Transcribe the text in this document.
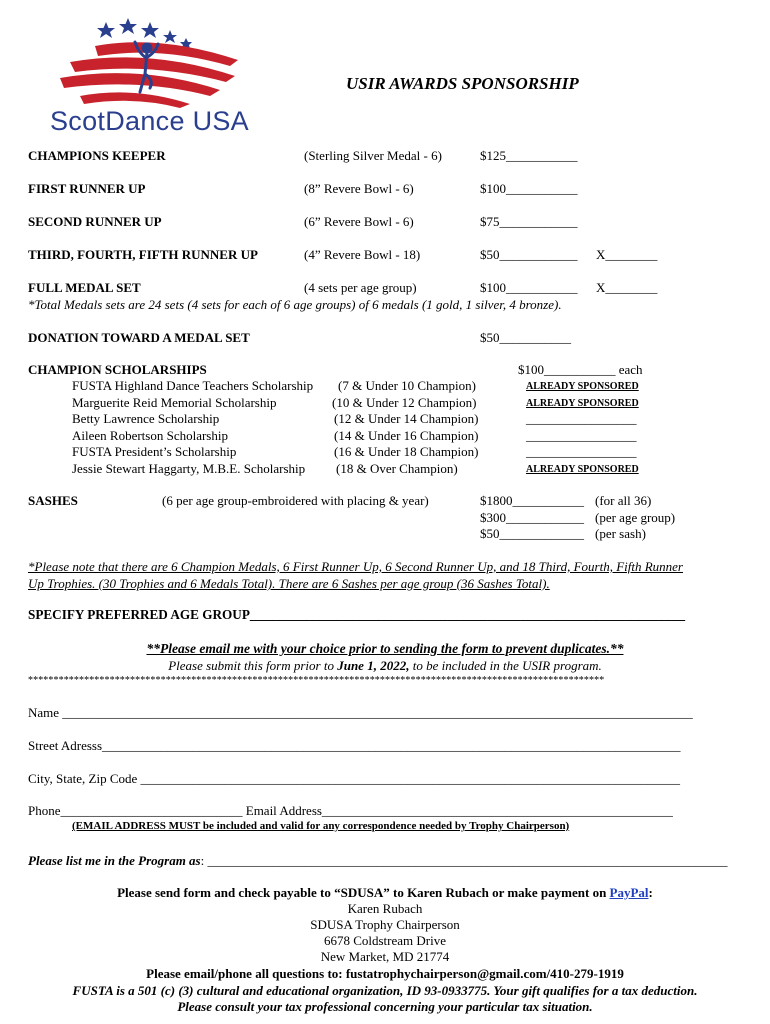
ScotDance USA
USIR AWARDS SPONSORSHIP
CHAMPIONS KEEPER	(Sterling Silver Medal - 6)	$125___________
FIRST RUNNER UP	(8” Revere Bowl - 6)	$100___________
SECOND RUNNER UP	(6” Revere Bowl - 6)	$75____________
THIRD, FOURTH, FIFTH RUNNER UP	(4” Revere Bowl - 18)	$50____________ X________
FULL MEDAL SET	(4 sets per age group)	$100___________ X________
*Total Medals sets are 24 sets (4 sets for each of 6 age groups) of 6 medals (1 gold, 1 silver, 4 bronze).
DONATION TOWARD A MEDAL SET	$50___________
CHAMPION SCHOLARSHIPS	$100___________ each
FUSTA Highland Dance Teachers Scholarship (7 & Under 10 Champion)	ALREADY SPONSORED
Marguerite Reid Memorial Scholarship	(10 & Under 12 Champion)	ALREADY SPONSORED
Betty Lawrence Scholarship	(12 & Under 14 Champion)	_________________
Aileen Robertson Scholarship	(14 & Under 16 Champion)	_________________
FUSTA President’s Scholarship	(16 & Under 18 Champion)	_________________
Jessie Stewart Haggarty, M.B.E. Scholarship (18 & Over Champion)	ALREADY SPONSORED
SASHES	(6 per age group-embroidered with placing & year)	$1800___________ (for all 36)
$300____________ (per age group)
$50_____________ (per sash)
*Please note that there are 6 Champion Medals, 6 First Runner Up, 6 Second Runner Up, and 18 Third, Fourth, Fifth Runner
Up Trophies. (30 Trophies and 6 Medals Total). There are 6 Sashes per age group (36 Sashes Total).
SPECIFY PREFERRED AGE GROUP__________________________________________________________________
**Please email me with your choice prior to sending the form to prevent duplicates.**
Please submit this form prior to June 1, 2022, to be included in the USIR program.
*****************************************************************************************************************
Name _________________________________________________________________________________________________
Street Adresss_________________________________________________________________________________________
City, State, Zip Code ___________________________________________________________________________________
Phone____________________________ Email Address______________________________________________________
(EMAIL ADDRESS MUST be included and valid for any correspondence needed by Trophy Chairperson)
Please list me in the Program as: ________________________________________________________________________________
Please send form and check payable to “SDUSA” to Karen Rubach or make payment on PayPal:
Karen Rubach
SDUSA Trophy Chairperson
6678 Coldstream Drive
New Market, MD 21774
Please email/phone all questions to: fustatrophychairperson@gmail.com/410-279-1919
FUSTA is a 501 (c) (3) cultural and educational organization, ID 93-0933775. Your gift qualifies for a tax deduction.
Please consult your tax professional concerning your particular tax situation.
